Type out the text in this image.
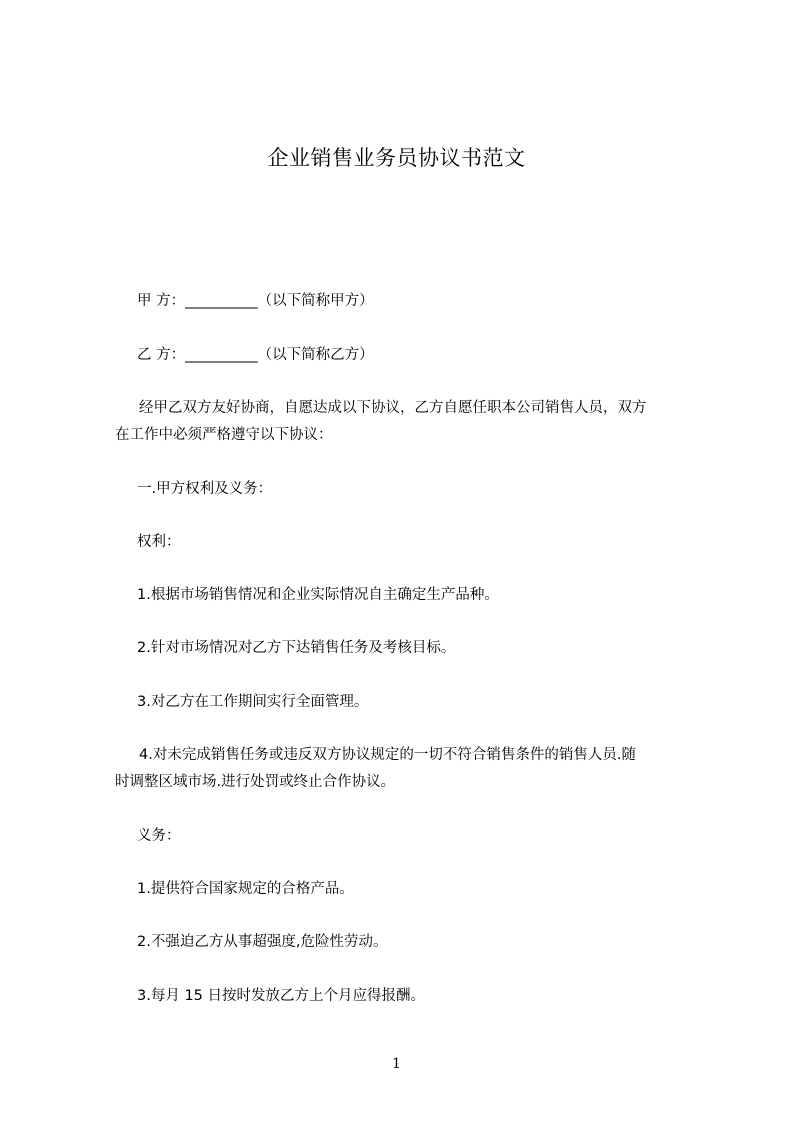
企业销售业务员协议书范文
甲 方：__________（以下简称甲方）
乙 方：__________（以下简称乙方）
经甲乙双方友好协商，自愿达成以下协议，乙方自愿任职本公司销售人员，双方
在工作中必须严格遵守以下协议：
一.甲方权利及义务：
权利：
1.根据市场销售情况和企业实际情况自主确定生产品种。
2.针对市场情况对乙方下达销售任务及考核目标。
3.对乙方在工作期间实行全面管理。
4.对未完成销售任务或违反双方协议规定的一切不符合销售条件的销售人员.随
时调整区域市场.进行处罚或终止合作协议。
义务：
1.提供符合国家规定的合格产品。
2.不强迫乙方从事超强度,危险性劳动。
3.每月 15 日按时发放乙方上个月应得报酬。
1
